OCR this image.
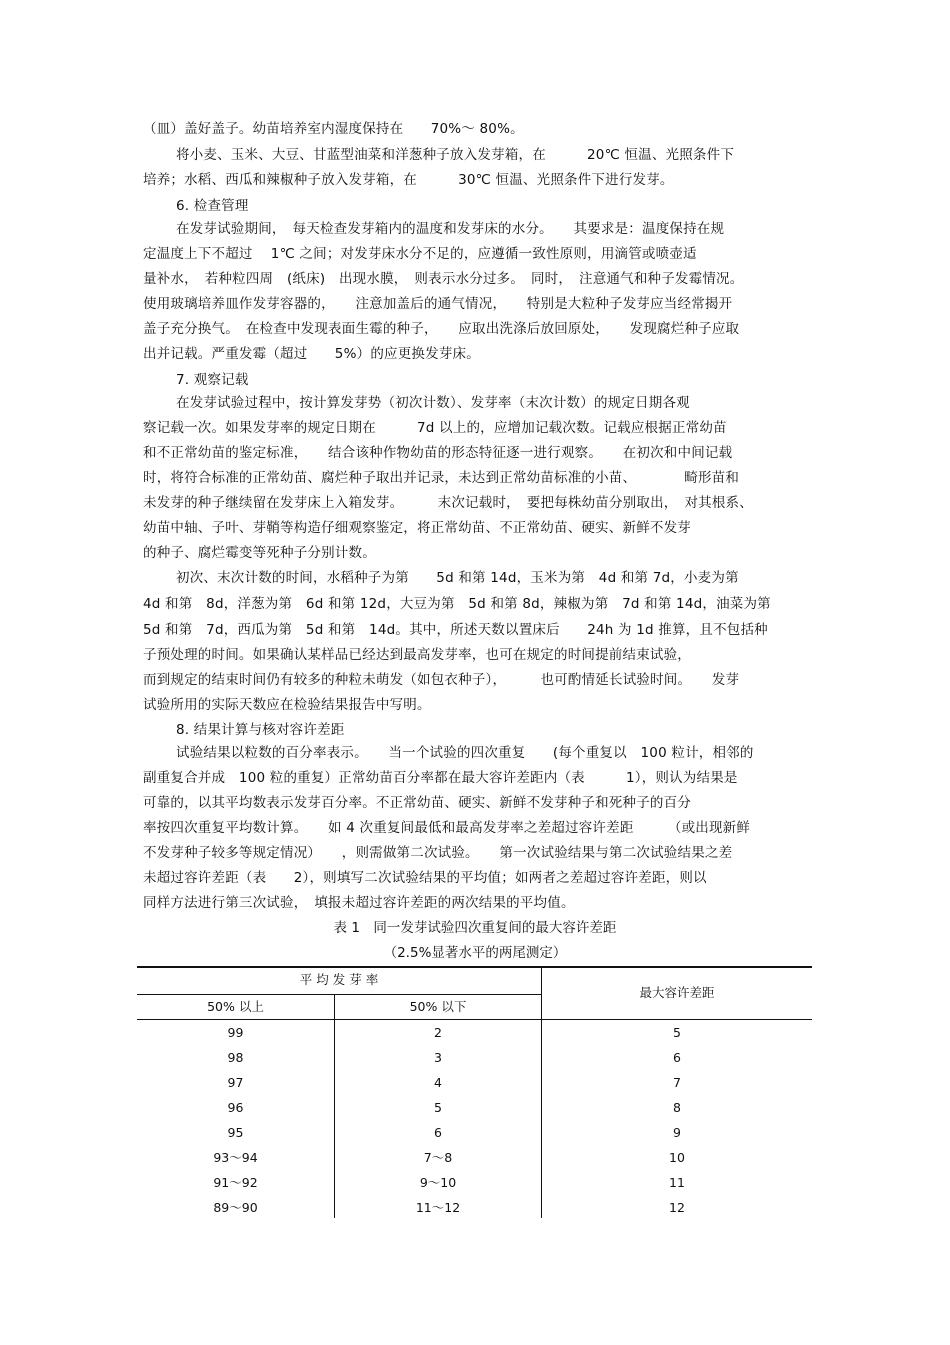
（皿）盖好盖子。幼苗培养室内湿度保持在　　70%～ 80%。
将小麦、玉米、大豆、甘蓝型油菜和洋葱种子放入发芽箱，在　　　20℃ 恒温、光照条件下
培养；水稻、西瓜和辣椒种子放入发芽箱，在　　　30℃ 恒温、光照条件下进行发芽。
6. 检查管理
在发芽试验期间，　每天检查发芽箱内的温度和发芽床的水分。　　其要求是：温度保持在规
定温度上下不超过　 1℃ 之间；对发芽床水分不足的，应遵循一致性原则，用滴管或喷壶适
量补水，　若种粒四周　(纸床)　出现水膜，　则表示水分过多。　同时，　注意通气和种子发霉情况。
使用玻璃培养皿作发芽容器的，　　注意加盖后的通气情况，　　特别是大粒种子发芽应当经常揭开
盖子充分换气。　在检查中发现表面生霉的种子，　　应取出洗涤后放回原处，　　发现腐烂种子应取
出并记载。严重发霉（超过　　5%）的应更换发芽床。
7. 观察记载
在发芽试验过程中，按计算发芽势（初次计数）、发芽率（末次计数）的规定日期各观
察记载一次。如果发芽率的规定日期在　　　7d 以上的，应增加记载次数。记载应根据正常幼苗
和不正常幼苗的鉴定标准，　　结合该种作物幼苗的形态特征逐一进行观察。　　在初次和中间记载
时，将符合标准的正常幼苗、腐烂种子取出并记录，未达到正常幼苗标准的小苗、　　　　畸形苗和
未发芽的种子继续留在发芽床上入箱发芽。　　　末次记载时，　要把每株幼苗分别取出，　对其根系、
幼苗中轴、子叶、芽鞘等构造仔细观察鉴定，将正常幼苗、不正常幼苗、硬实、新鲜不发芽
的种子、腐烂霉变等死种子分别计数。
初次、末次计数的时间，水稻种子为第　　5d 和第 14d，玉米为第　4d 和第 7d，小麦为第
4d 和第　8d，洋葱为第　6d 和第 12d，大豆为第　5d 和第 8d，辣椒为第　7d 和第 14d，油菜为第
5d 和第　7d，西瓜为第　5d 和第　14d。其中，所述天数以置床后　　24h 为 1d 推算，且不包括种
子预处理的时间。如果确认某样品已经达到最高发芽率，也可在规定的时间提前结束试验，
而到规定的结束时间仍有较多的种粒未萌发（如包衣种子），　　　也可酌情延长试验时间。　　发芽
试验所用的实际天数应在检验结果报告中写明。
8. 结果计算与核对容许差距
试验结果以粒数的百分率表示。　　当一个试验的四次重复　　(每个重复以　100 粒计，相邻的
副重复合并成　100 粒的重复）正常幼苗百分率都在最大容许差距内（表　　　1），则认为结果是
可靠的，以其平均数表示发芽百分率。不正常幼苗、硬实、新鲜不发芽种子和死种子的百分
率按四次重复平均数计算。　　如 4 次重复间最低和最高发芽率之差超过容许差距　　　（或出现新鲜
不发芽种子较多等规定情况）　　，则需做第二次试验。　　第一次试验结果与第二次试验结果之差
未超过容许差距（表　　2），则填写二次试验结果的平均值；如两者之差超过容许差距，则以
同样方法进行第三次试验，　填报未超过容许差距的两次结果的平均值。
表 1　同一发芽试验四次重复间的最大容许差距
（2.5%显著水平的两尾测定）
平 均 发 芽 率
50% 以上	50% 以下
最大容许差距
99	2	5
98	3	6
97	4	7
96	5	8
95	6	9
93～94	7～8	10
91～92	9～10	11
89～90	11～12	12
